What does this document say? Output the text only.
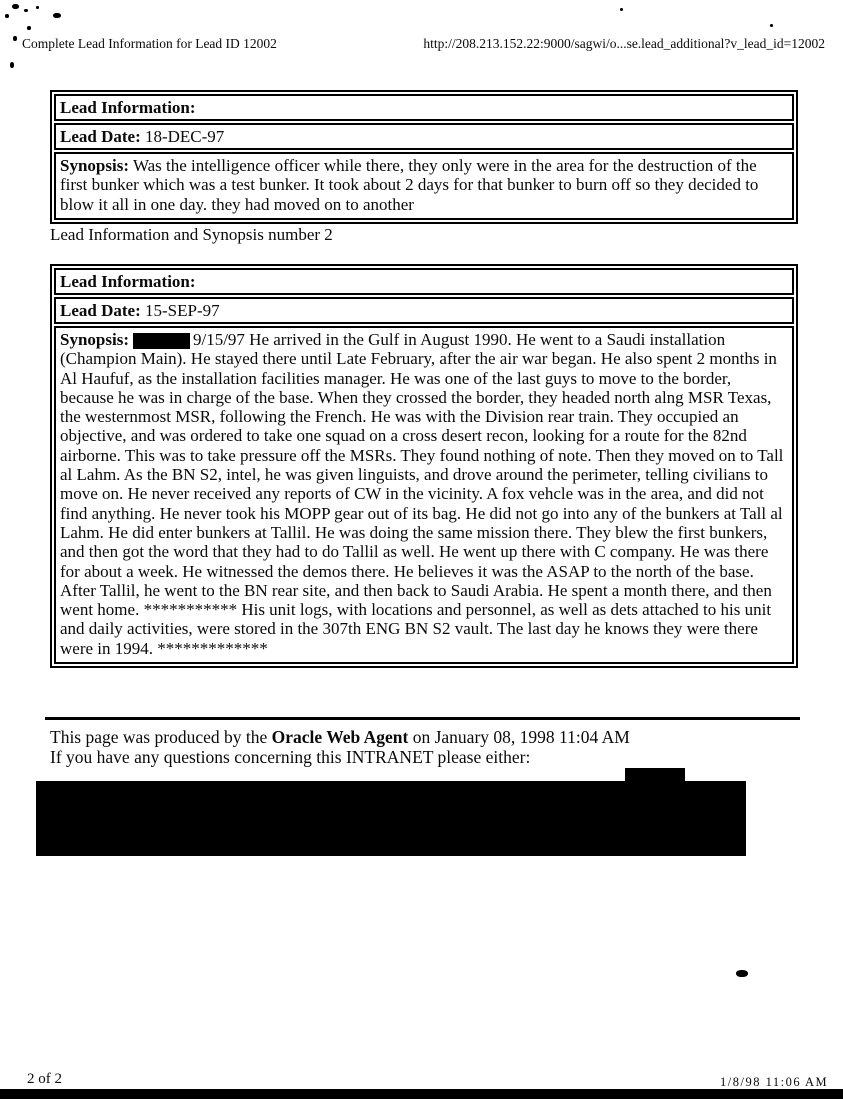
Complete Lead Information for Lead ID 12002	http://208.213.152.22:9000/sagwi/o...se.lead_additional?v_lead_id=12002
Lead Information:
Lead Date: 18-DEC-97
Synopsis: Was the intelligence officer while there, they only were in the area for the destruction of the first bunker which was a test bunker. It took about 2 days for that bunker to burn off so they decided to blow it all in one day. they had moved on to another
Lead Information and Synopsis number 2
Lead Information:
Lead Date: 15-SEP-97
Synopsis:	9/15/97 He arrived in the Gulf in August 1990. He went to a Saudi installation (Champion Main). He stayed there until Late February, after the air war began. He also spent 2 months in Al Haufuf, as the installation facilities manager. He was one of the last guys to move to the border, because he was in charge of the base. When they crossed the border, they headed north alng MSR Texas, the westernmost MSR, following the French. He was with the Division rear train. They occupied an objective, and was ordered to take one squad on a cross desert recon, looking for a route for the 82nd airborne. This was to take pressure off the MSRs. They found nothing of note. Then they moved on to Tall al Lahm. As the BN S2, intel, he was given linguists, and drove around the perimeter, telling civilians to move on. He never received any reports of CW in the vicinity. A fox vehcle was in the area, and did not find anything. He never took his MOPP gear out of its bag. He did not go into any of the bunkers at Tall al Lahm. He did enter bunkers at Tallil. He was doing the same mission there. They blew the first bunkers, and then got the word that they had to do Tallil as well. He went up there with C company. He was there for about a week. He witnessed the demos there. He believes it was the ASAP to the north of the base. After Tallil, he went to the BN rear site, and then back to Saudi Arabia. He spent a month there, and then went home. *********** His unit logs, with locations and personnel, as well as dets attached to his unit and daily activities, were stored in the 307th ENG BN S2 vault. The last day he knows they were there were in 1994. *************
This page was produced by the Oracle Web Agent on January 08, 1998 11:04 AM
If you have any questions concerning this INTRANET please either:
2 of 2	1/8/98 11:06 AM
